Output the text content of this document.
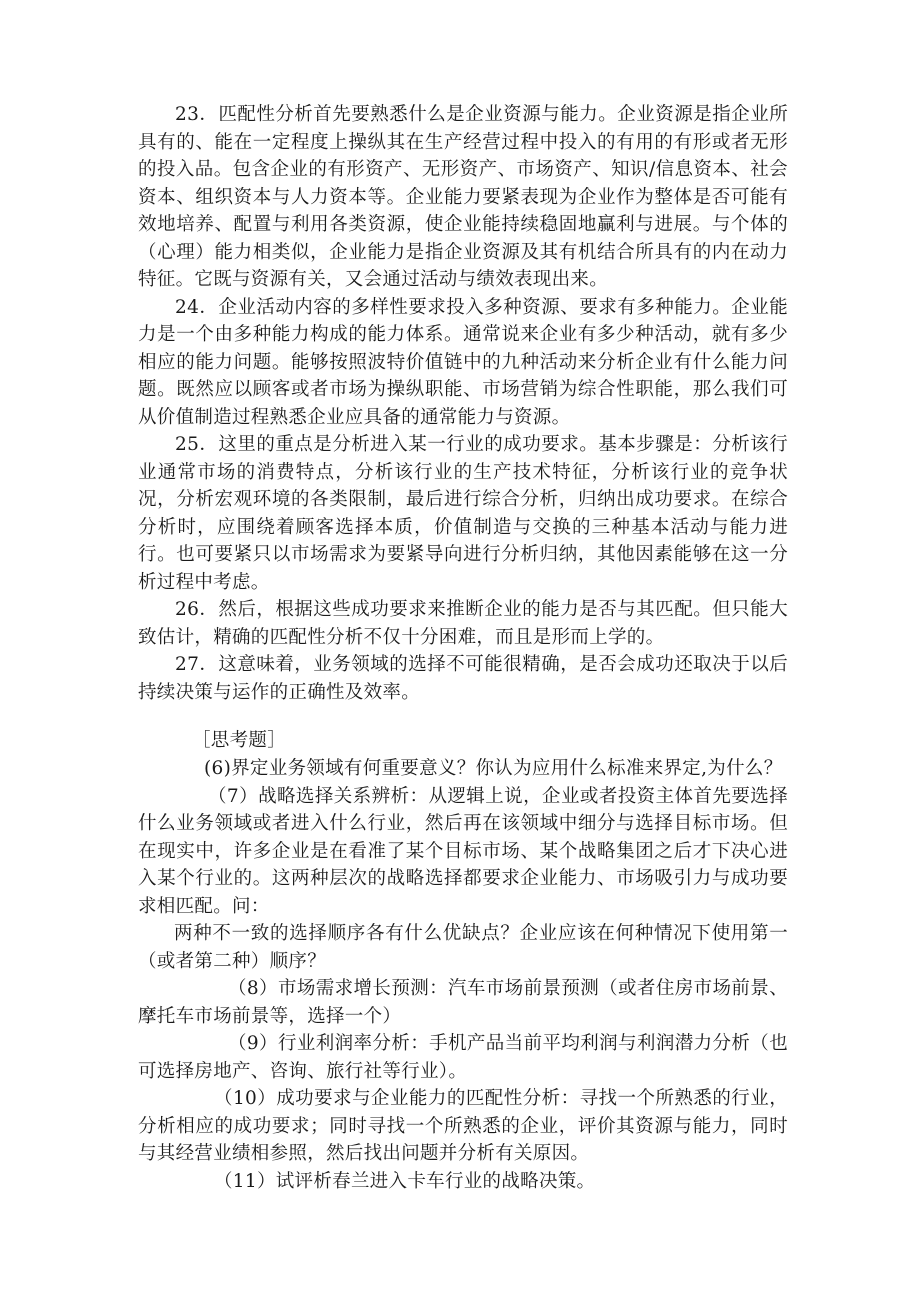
23．匹配性分析首先要熟悉什么是企业资源与能力。企业资源是指企业所具有的、能在一定程度上操纵其在生产经营过程中投入的有用的有形或者无形的投入品。包含企业的有形资产、无形资产、市场资产、知识/信息资本、社会资本、组织资本与人力资本等。企业能力要紧表现为企业作为整体是否可能有效地培养、配置与利用各类资源，使企业能持续稳固地赢利与进展。与个体的（心理）能力相类似，企业能力是指企业资源及其有机结合所具有的内在动力特征。它既与资源有关，又会通过活动与绩效表现出来。

24．企业活动内容的多样性要求投入多种资源、要求有多种能力。企业能力是一个由多种能力构成的能力体系。通常说来企业有多少种活动，就有多少相应的能力问题。能够按照波特价值链中的九种活动来分析企业有什么能力问题。既然应以顾客或者市场为操纵职能、市场营销为综合性职能，那么我们可从价值制造过程熟悉企业应具备的通常能力与资源。

25．这里的重点是分析进入某一行业的成功要求。基本步骤是：分析该行业通常市场的消费特点，分析该行业的生产技术特征，分析该行业的竞争状况，分析宏观环境的各类限制，最后进行综合分析，归纳出成功要求。在综合分析时，应围绕着顾客选择本质，价值制造与交换的三种基本活动与能力进行。也可要紧只以市场需求为要紧导向进行分析归纳，其他因素能够在这一分析过程中考虑。

26．然后，根据这些成功要求来推断企业的能力是否与其匹配。但只能大致估计，精确的匹配性分析不仅十分困难，而且是形而上学的。

27．这意味着，业务领域的选择不可能很精确，是否会成功还取决于以后持续决策与运作的正确性及效率。

［思考题］

(6)界定业务领域有何重要意义？你认为应用什么标准来界定,为什么？

（7）战略选择关系辨析：从逻辑上说，企业或者投资主体首先要选择什么业务领域或者进入什么行业，然后再在该领域中细分与选择目标市场。但在现实中，许多企业是在看准了某个目标市场、某个战略集团之后才下决心进入某个行业的。这两种层次的战略选择都要求企业能力、市场吸引力与成功要求相匹配。问：

两种不一致的选择顺序各有什么优缺点？企业应该在何种情况下使用第一（或者第二种）顺序？

（8）市场需求增长预测：汽车市场前景预测（或者住房市场前景、摩托车市场前景等，选择一个）

（9）行业利润率分析：手机产品当前平均利润与利润潜力分析（也可选择房地产、咨询、旅行社等行业）。

（10）成功要求与企业能力的匹配性分析：寻找一个所熟悉的行业，分析相应的成功要求；同时寻找一个所熟悉的企业，评价其资源与能力，同时与其经营业绩相参照，然后找出问题并分析有关原因。

（11）试评析春兰进入卡车行业的战略决策。
